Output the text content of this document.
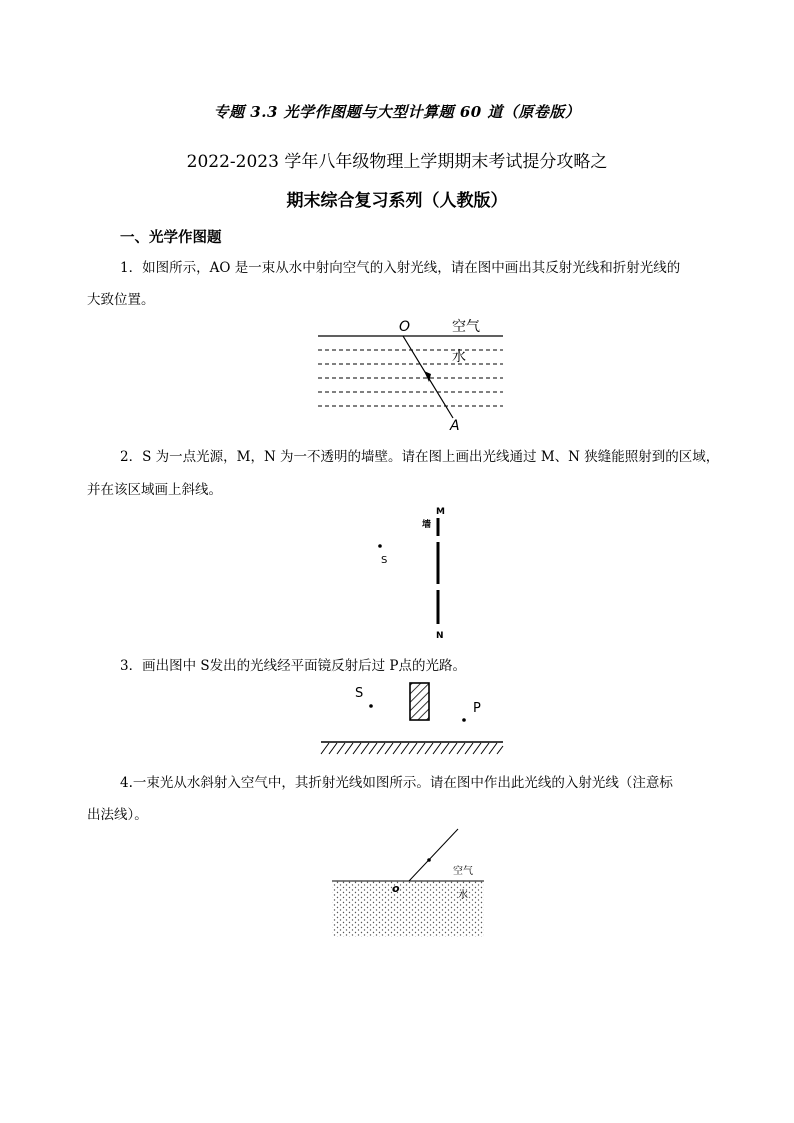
专题 3.3 光学作图题与大型计算题 60 道（原卷版）
2022-2023 学年八年级物理上学期期末考试提分攻略之
期末综合复习系列（人教版）
一、光学作图题
1．如图所示，AO 是一束从水中射向空气的入射光线，请在图中画出其反射光线和折射光线的
大致位置。
O	空气
水
A
2．S 为一点光源，M，N 为一不透明的墙壁。请在图上画出光线通过 M、N 狭缝能照射到的区域，
并在该区域画上斜线。
M
墙
S
N
3．画出图中 S发出的光线经平面镜反射后过 P点的光路。
S
P
4.一束光从水斜射入空气中，其折射光线如图所示。请在图中作出此光线的入射光线（注意标
出法线）。
空气
水
o
